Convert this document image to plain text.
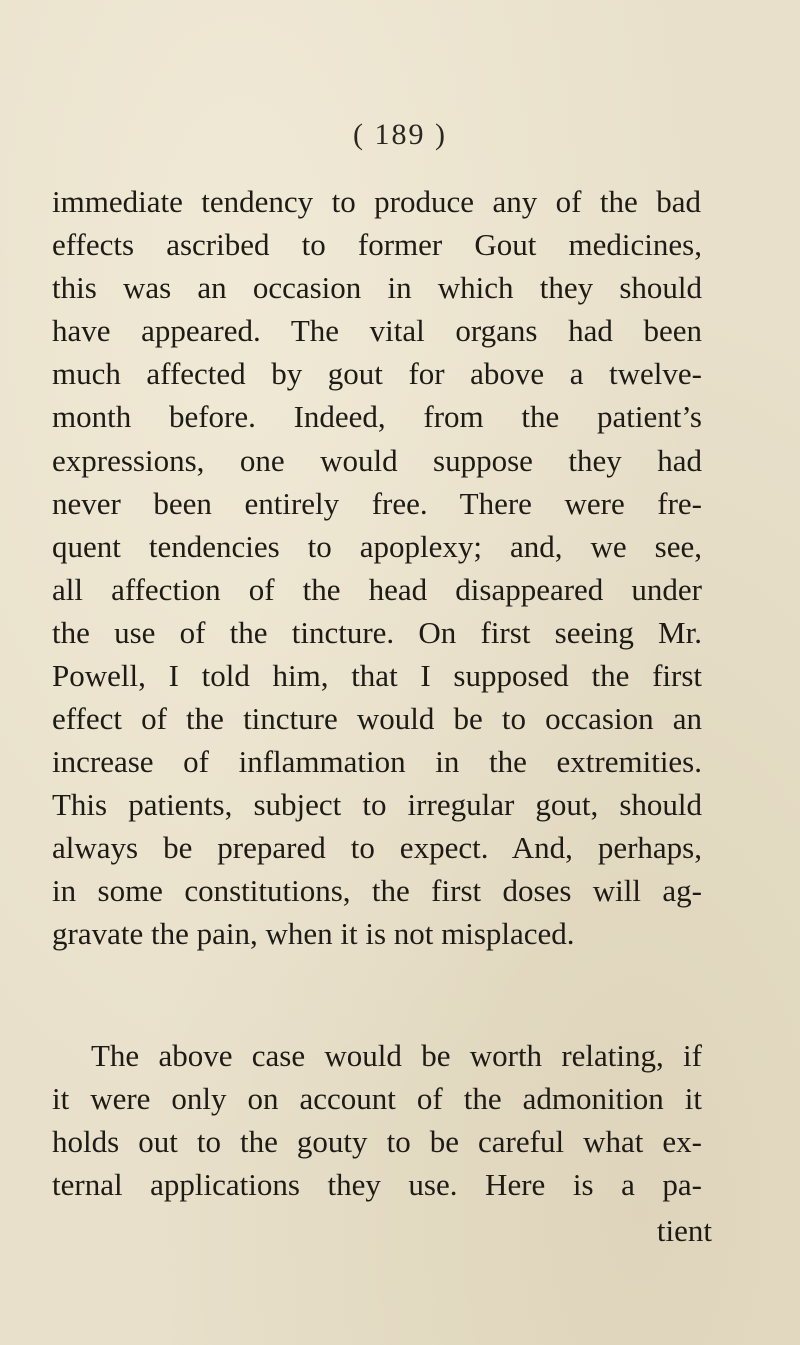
( 189 )

immediate tendency to produce any of the bad

effects ascribed to former Gout medicines,

this was an occasion in which they should

have appeared. The vital organs had been

much affected by gout for above a twelve-

month before. Indeed, from the patient’s

expressions, one would suppose they had

never been entirely free. There were fre-

quent tendencies to apoplexy; and, we see,

all affection of the head disappeared under

the use of the tincture. On first seeing Mr.

Powell, I told him, that I supposed the first

effect of the tincture would be to occasion an

increase of inflammation in the extremities.

This patients, subject to irregular gout, should

always be prepared to expect. And, perhaps,

in some constitutions, the first doses will ag-

gravate the pain, when it is not misplaced.

The above case would be worth relating, if

it were only on account of the admonition it

holds out to the gouty to be careful what ex-

ternal applications they use. Here is a pa-

tient
